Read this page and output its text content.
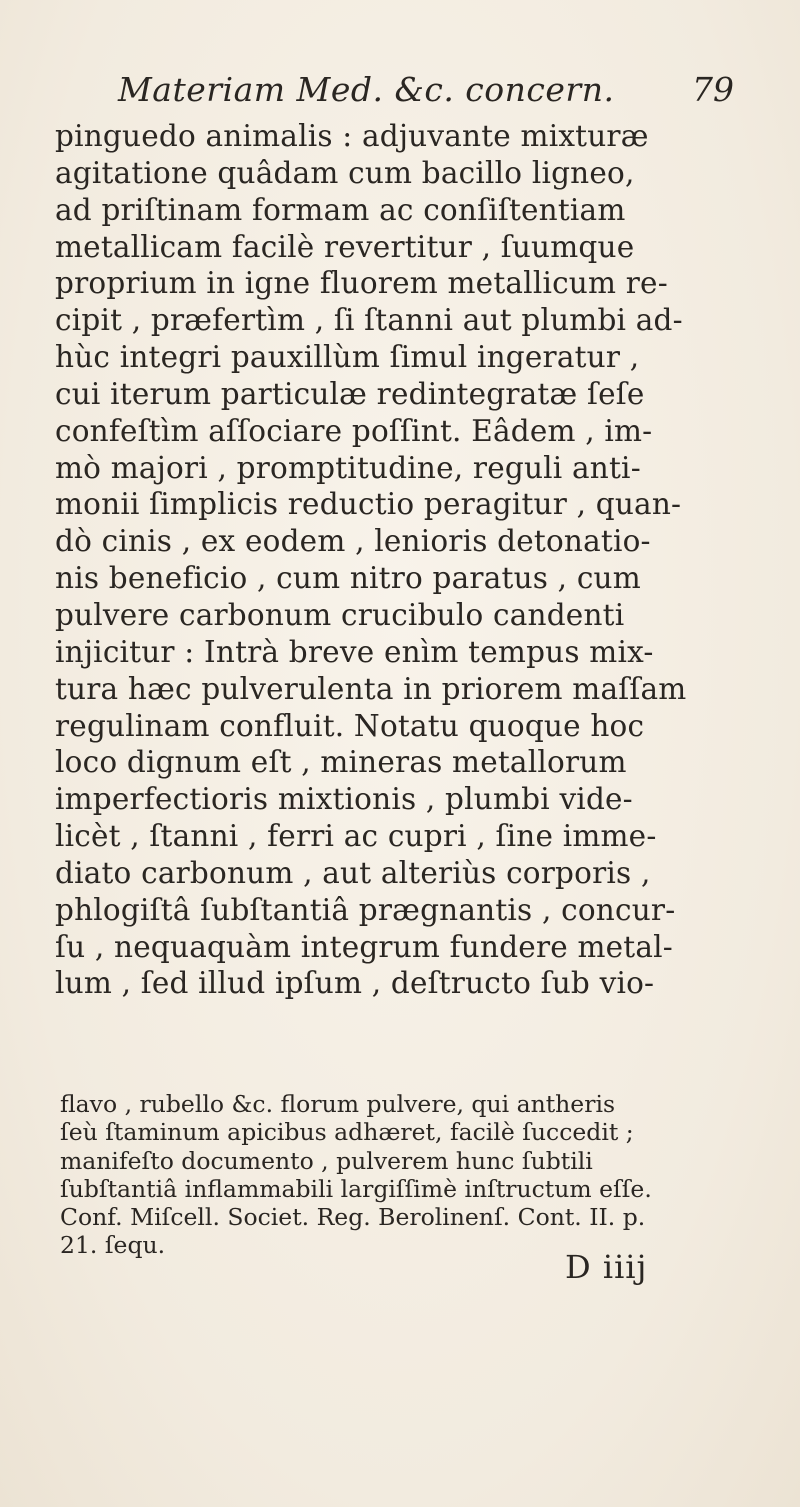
Materiam Med. &c. concern. 79
pinguedo animalis : adjuvante mixturæ
agitatione quâdam cum bacillo ligneo,
ad priſtinam formam ac conſiſtentiam
metallicam facilè revertitur , ſuumque
proprium in igne fluorem metallicum re-
cipit , præfertìm , ſi ſtanni aut plumbi ad-
hùc integri pauxillùm ſimul ingeratur ,
cui iterum particulæ redintegratæ ſeſe
confeſtìm aſſociare poſſint. Eâdem , im-
mò majori , promptitudine, reguli anti-
monii ſimplicis reductio peragitur , quan-
dò cinis , ex eodem , lenioris detonatio-
nis beneficio , cum nitro paratus , cum
pulvere carbonum crucibulo candenti
injicitur : Intrà breve enìm tempus mix-
tura hæc pulverulenta in priorem maſſam
regulinam confluit. Notatu quoque hoc
loco dignum eſt , mineras metallorum
imperfectioris mixtionis , plumbi vide-
licèt , ſtanni , ferri ac cupri , ſine imme-
diato carbonum , aut alteriùs corporis ,
phlogiſtâ ſubſtantiâ prægnantis , concur-
ſu , nequaquàm integrum fundere metal-
lum , ſed illud ipſum , deſtructo ſub vio-
flavo , rubello &c. florum pulvere, qui antheris
ſeù ſtaminum apicibus adhæret, facilè ſuccedit ;
manifeſto documento , pulverem hunc ſubtili
ſubſtantiâ inflammabili largiſſimè inſtructum eſſe.
Conf. Miſcell. Societ. Reg. Berolinenſ. Cont. II. p.
21. ſequ.
D iiij
